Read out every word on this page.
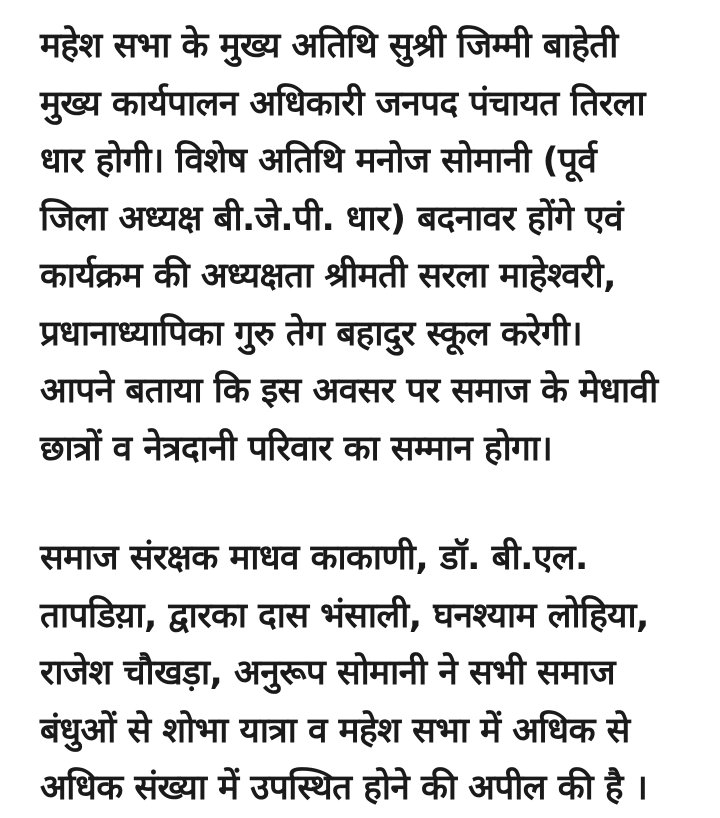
महेश सभा के मुख्य अतिथि सुश्री जिम्मी बाहेती
मुख्य कार्यपालन अधिकारी जनपद पंचायत तिरला
धार होगी। विशेष अतिथि मनोज सोमानी (पूर्व
जिला अध्यक्ष बी.जे.पी. धार) बदनावर होंगे एवं
कार्यक्रम की अध्यक्षता श्रीमती सरला माहेश्वरी,
प्रधानाध्यापिका गुरु तेग बहादुर स्कूल करेगी।
आपने बताया कि इस अवसर पर समाज के मेधावी
छात्रों व नेत्रदानी परिवार का सम्मान होगा।
समाज संरक्षक माधव काकाणी, डॉ. बी.एल.
तापडिय़ा, द्वारका दास भंसाली, घनश्याम लोहिया,
राजेश चौखड़ा, अनुरूप सोमानी ने सभी समाज
बंधुओं से शोभा यात्रा व महेश सभा में अधिक से
अधिक संख्या में उपस्थित होने की अपील की है ।
